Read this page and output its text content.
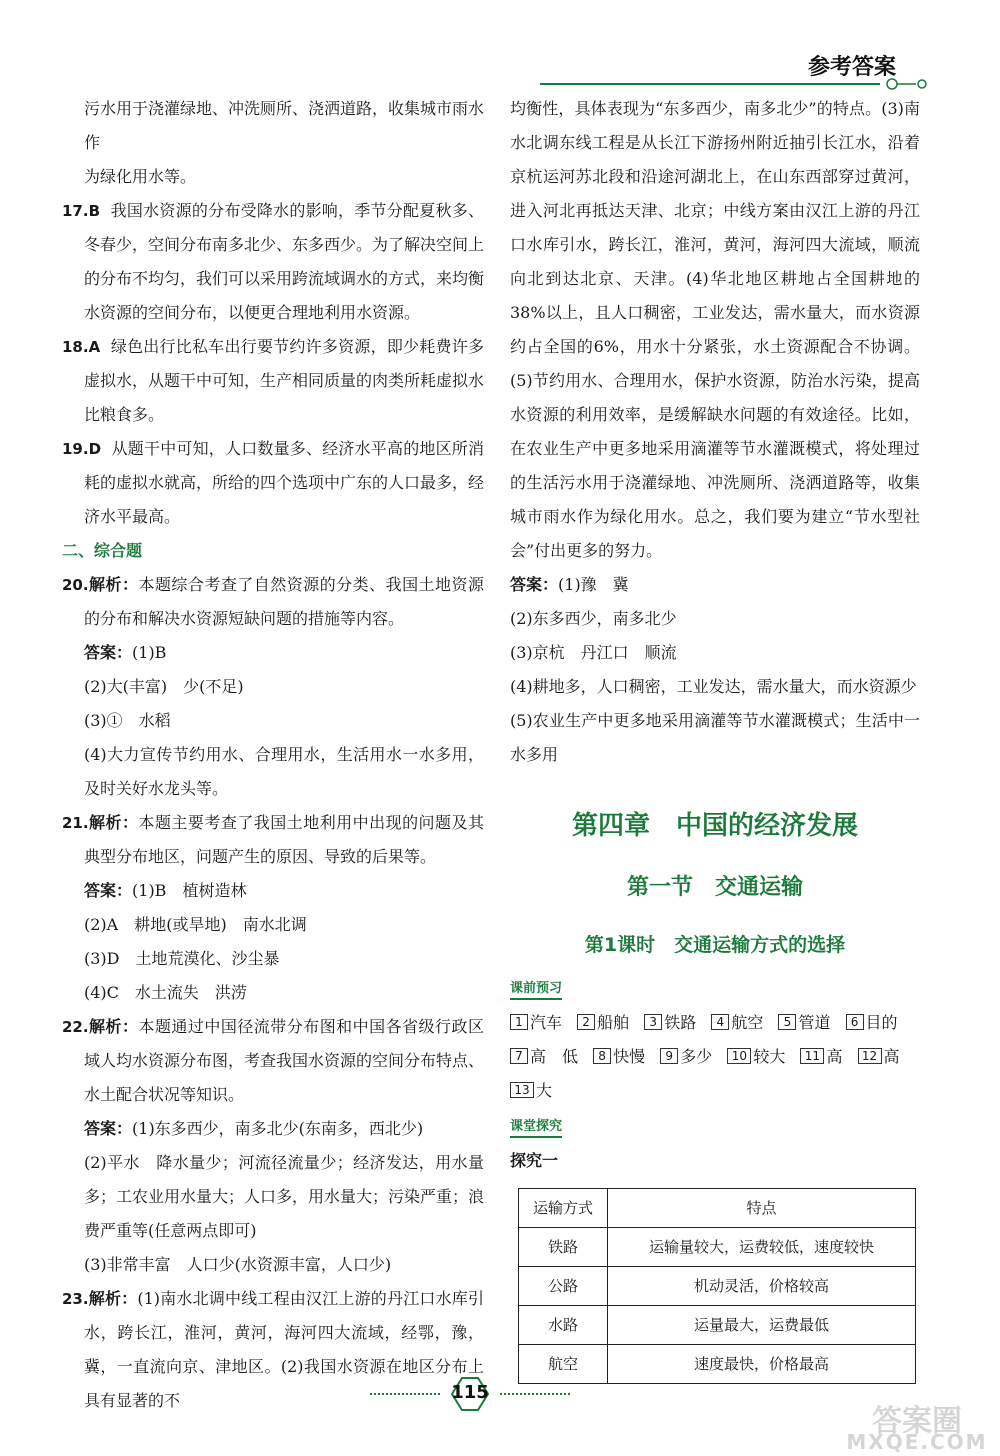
参考答案

污水用于浇灌绿地、冲洗厕所、浇洒道路，收集城市雨水作
为绿化用水等。

17.B 我国水资源的分布受降水的影响，季节分配夏秋多、冬春少，空间分布南多北少、东多西少。为了解决空间上的分布不均匀，我们可以采用跨流域调水的方式，来均衡水资源的空间分布，以便更合理地利用水资源。

18.A 绿色出行比私车出行要节约许多资源，即少耗费许多虚拟水，从题干中可知，生产相同质量的肉类所耗虚拟水比粮食多。

19.D 从题干中可知，人口数量多、经济水平高的地区所消耗的虚拟水就高，所给的四个选项中广东的人口最多，经济水平最高。

二、综合题

20.解析：本题综合考查了自然资源的分类、我国土地资源的分布和解决水资源短缺问题的措施等内容。

答案：(1)B
(2)大(丰富)　少(不足)
(3)①　水稻
(4)大力宣传节约用水、合理用水，生活用水一水多用，及时关好水龙头等。

21.解析：本题主要考查了我国土地利用中出现的问题及其典型分布地区，问题产生的原因、导致的后果等。

答案：(1)B　植树造林
(2)A　耕地(或旱地)　南水北调
(3)D　土地荒漠化、沙尘暴
(4)C　水土流失　洪涝

22.解析：本题通过中国径流带分布图和中国各省级行政区域人均水资源分布图，考查我国水资源的空间分布特点、水土配合状况等知识。

答案：(1)东多西少，南多北少(东南多，西北少)
(2)平水　降水量少；河流径流量少；经济发达，用水量多；工农业用水量大；人口多，用水量大；污染严重；浪费严重等(任意两点即可)
(3)非常丰富　人口少(水资源丰富，人口少)

23.解析：(1)南水北调中线工程由汉江上游的丹江口水库引水，跨长江，淮河，黄河，海河四大流域，经鄂，豫，冀，一直流向京、津地区。(2)我国水资源在地区分布上具有显著的不

均衡性，具体表现为“东多西少，南多北少”的特点。(3)南水北调东线工程是从长江下游扬州附近抽引长江水，沿着京杭运河苏北段和沿途河湖北上，在山东西部穿过黄河，进入河北再抵达天津、北京；中线方案由汉江上游的丹江口水库引水，跨长江，淮河，黄河，海河四大流域，顺流向北到达北京、天津。(4)华北地区耕地占全国耕地的38%以上，且人口稠密，工业发达，需水量大，而水资源约占全国的6%，用水十分紧张，水土资源配合不协调。(5)节约用水、合理用水，保护水资源，防治水污染，提高水资源的利用效率，是缓解缺水问题的有效途径。比如，在农业生产中更多地采用滴灌等节水灌溉模式，将处理过的生活污水用于浇灌绿地、冲洗厕所、浇洒道路等，收集城市雨水作为绿化用水。总之，我们要为建立“节水型社会”付出更多的努力。

答案：(1)豫　冀
(2)东多西少，南多北少
(3)京杭　丹江口　顺流
(4)耕地多，人口稠密，工业发达，需水量大，而水资源少
(5)农业生产中更多地采用滴灌等节水灌溉模式；生活中一水多用

第四章　中国的经济发展
第一节　交通运输
第1课时　交通运输方式的选择
课前预习
1 汽车 2 船舶 3 铁路 4 航空 5 管道 6 目的 7 高　低 8 快慢 9 多少 10 较大 11 高 12 高 13 大
课堂探究
探究一
运输方式	特点
铁路	运输量较大，运费较低，速度较快
公路	机动灵活，价格较高
水路	运量最大，运费最低
航空	速度最快，价格最高
115
答案圈
MXQE.COM
